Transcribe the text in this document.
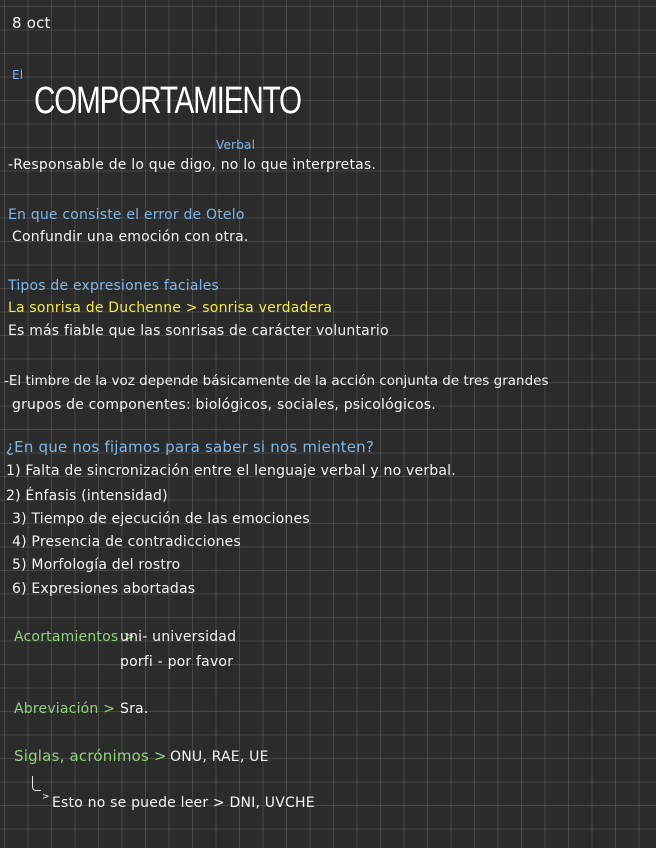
8 oct
El
COMPORTAMIENTO
Verbal
-Responsable de lo que digo, no lo que interpretas.
En que consiste el error de Otelo
Confundir una emoción con otra.
Tipos de expresiones faciales
La sonrisa de Duchenne > sonrisa verdadera
Es más fiable que las sonrisas de carácter voluntario
-El timbre de la voz depende básicamente de la acción conjunta de tres grandes
grupos de componentes: biológicos, sociales, psicológicos.
¿En que nos fijamos para saber si nos mienten?
1) Falta de sincronización entre el lenguaje verbal y no verbal.
2) Énfasis (intensidad)
3) Tiempo de ejecución de las emociones
4) Presencia de contradicciones
5) Morfología del rostro
6) Expresiones abortadas
Acortamientos >
uni- universidad
porfi - por favor
Abreviación > Sra.
Siglas, acrónimos > ONU, RAE, UE
> Esto no se puede leer > DNI, UVCHE
